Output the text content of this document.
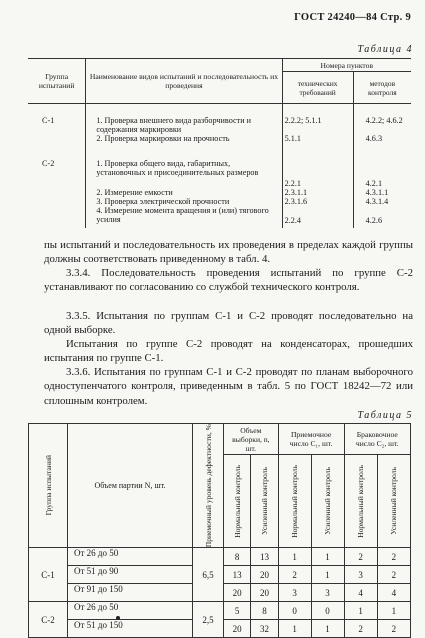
ГОСТ 24240—84 Стр. 9
Таблица 4
Группа испытаний	Наименование видов испытаний и последовательность их проведения	Номера пунктов	
		технических требований	методов контроля
С-1	1. Проверка внешнего вида разборчивости и содержания маркировки	2.2.2; 5.1.1	4.2.2; 4.6.2
	2. Проверка маркировки на прочность	5.1.1	4.6.3
С-2	1. Проверка общего вида, габаритных, установочных и присоединительных размеров	2.2.1	4.2.1
	2. Измерение емкости	2.3.1.1	4.3.1.1
	3. Проверка электрической прочности	2.3.1.6	4.3.1.4
	4. Измерение момента вращения и (или) тягового усилия	2.2.4	4.2.6
пы испытаний и последовательность их проведения в пределах каждой группы должны соответствовать приведенному в табл. 4.
3.3.4. Последовательность проведения испытаний по группе С-2 устанавливают по согласованию со службой технического контроля.
3.3.5. Испытания по группам С-1 и С-2 проводят последовательно на одной выборке.
Испытания по группе С-2 проводят на конденсаторах, прошедших испытания по группе С-1.
3.3.6. Испытания по группам С-1 и С-2 проводят по планам выборочного одноступенчатого контроля, приведенным в табл. 5 по ГОСТ 18242—72 или сплошным контролем.
Таблица 5
Группа испытаний	Объем партии N, шт.	Приемочный уровень дефектности, %	Объем выборки, n, шт.		Приемочное число С₁, шт.		Браковочное число С₂, шт.	

			Нормальный контроль	Усиленный контроль	Нормальный контроль	Усиленный контроль	Нормальный контроль	Усиленный контроль

С-1	От 26 до 50	6,5	8	13	1	1	2	2
	От 51 до 90		13	20	2	1	3	2
	От 91 до 150		20	20	3	3	4	4
С-2	От 26 до 50	2,5	5	8	0	0	1	1
	От 51 до 150		20	32	1	1	2	2
